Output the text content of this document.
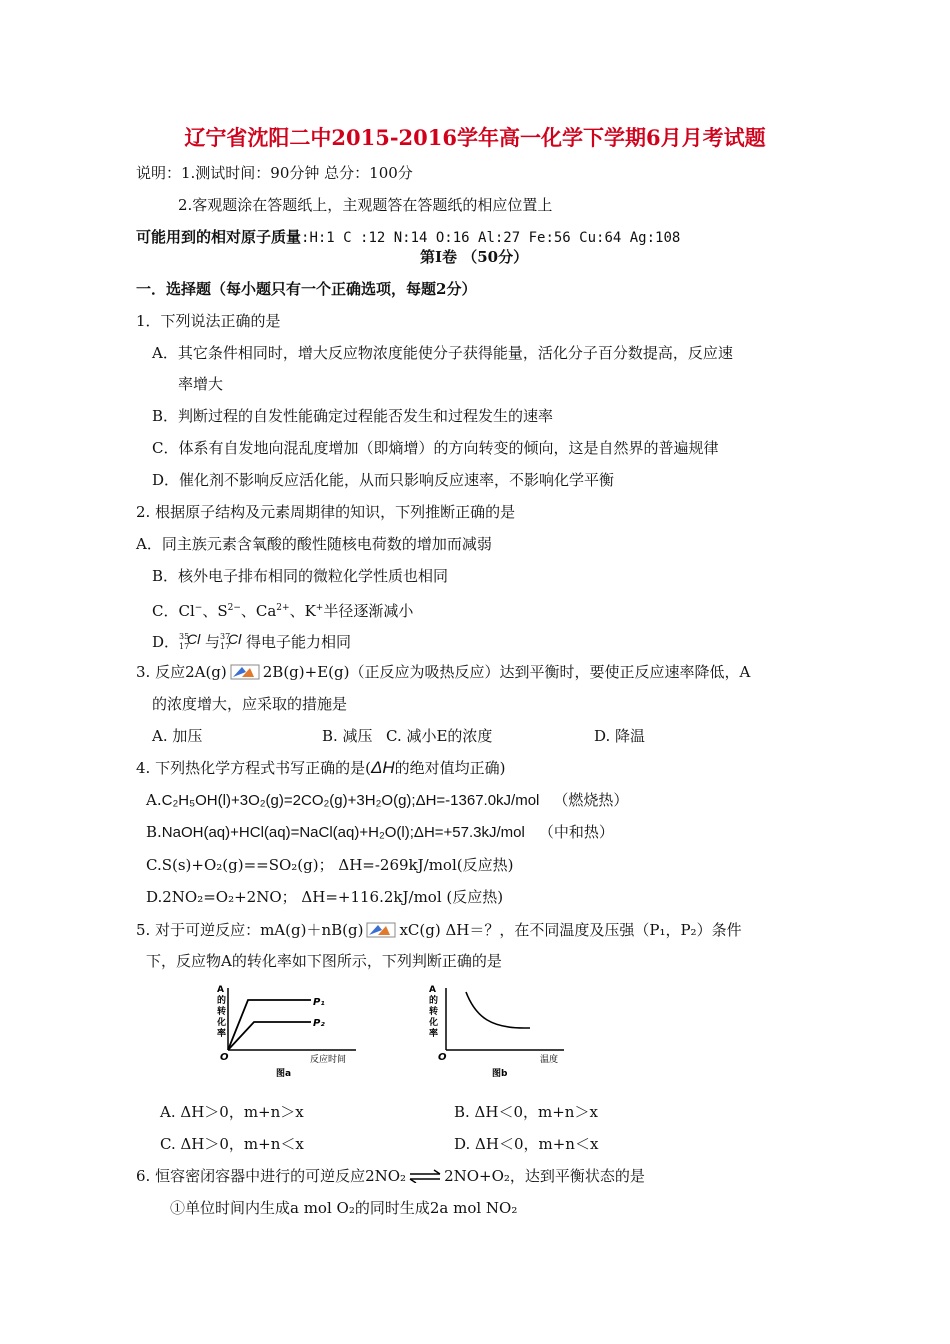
辽宁省沈阳二中2015-2016学年高一化学下学期6月月考试题
说明：1.测试时间：90分钟 总分：100分
2.客观题涂在答题纸上，主观题答在答题纸的相应位置上
可能用到的相对原子质量:H:1 C :12 N:14 O:16 Al:27 Fe:56 Cu:64 Ag:108
第Ⅰ卷 （50分）
一．选择题（每小题只有一个正确选项，每题2分）
1．下列说法正确的是
A．其它条件相同时，增大反应物浓度能使分子获得能量，活化分子百分数提高，反应速
率增大
B．判断过程的自发性能确定过程能否发生和过程发生的速率
C．体系有自发地向混乱度增加（即熵增）的方向转变的倾向，这是自然界的普遍规律
D．催化剂不影响反应活化能，从而只影响反应速率，不影响化学平衡
2. 根据原子结构及元素周期律的知识，下列推断正确的是
A．同主族元素含氧酸的酸性随核电荷数的增加而减弱
B．核外电子排布相同的微粒化学性质也相同
C．Cl−、$S^{2-}$、$Ca^{2+}$、K+半径逐渐减小
D． 35
17
Cl 与 37
17
Cl 得电子能力相同
3. 反应2A(g) 2B(g)+E(g)（正反应为吸热反应）达到平衡时，要使正反应速率降低，A
的浓度增大，应采取的措施是
A. 加压	B. 减压 C. 减小E的浓度	D. 降温
4. 下列热化学方程式书写正确的是(ΔH的绝对值均正确)
A.C₂H₅OH(l)+3O₂(g)=2CO₂(g)+3H₂O(g);ΔH=-1367.0kJ/mol （燃烧热）
B.NaOH(aq)+HCl(aq)=NaCl(aq)+H₂O(l);ΔH=+57.3kJ/mol （中和热）
C.S(s)+O₂(g)==SO₂(g)； ΔH=-269kJ/mol(反应热)
D.2NO₂=O₂+2NO； ΔH=+116.2kJ/mol (反应热)
5. 对于可逆反应：mA(g)＋nB(g) xC(g) ΔH＝？，在不同温度及压强（P₁，P₂）条件
下，反应物A的转化率如下图所示，下列判断正确的是
A 的转化率
P₁
P₂
O	反应时间
图a
A 的转化率
O	温度
图b
A. ΔH＞0，m+n＞x	B. ΔH＜0，m+n＞x
C. ΔH＞0，m+n＜x	D. ΔH＜0，m+n＜x
6. 恒容密闭容器中进行的可逆反应2NO₂ ⇌ 2NO+O₂，达到平衡状态的是
①单位时间内生成a mol O₂的同时生成2a mol NO₂
